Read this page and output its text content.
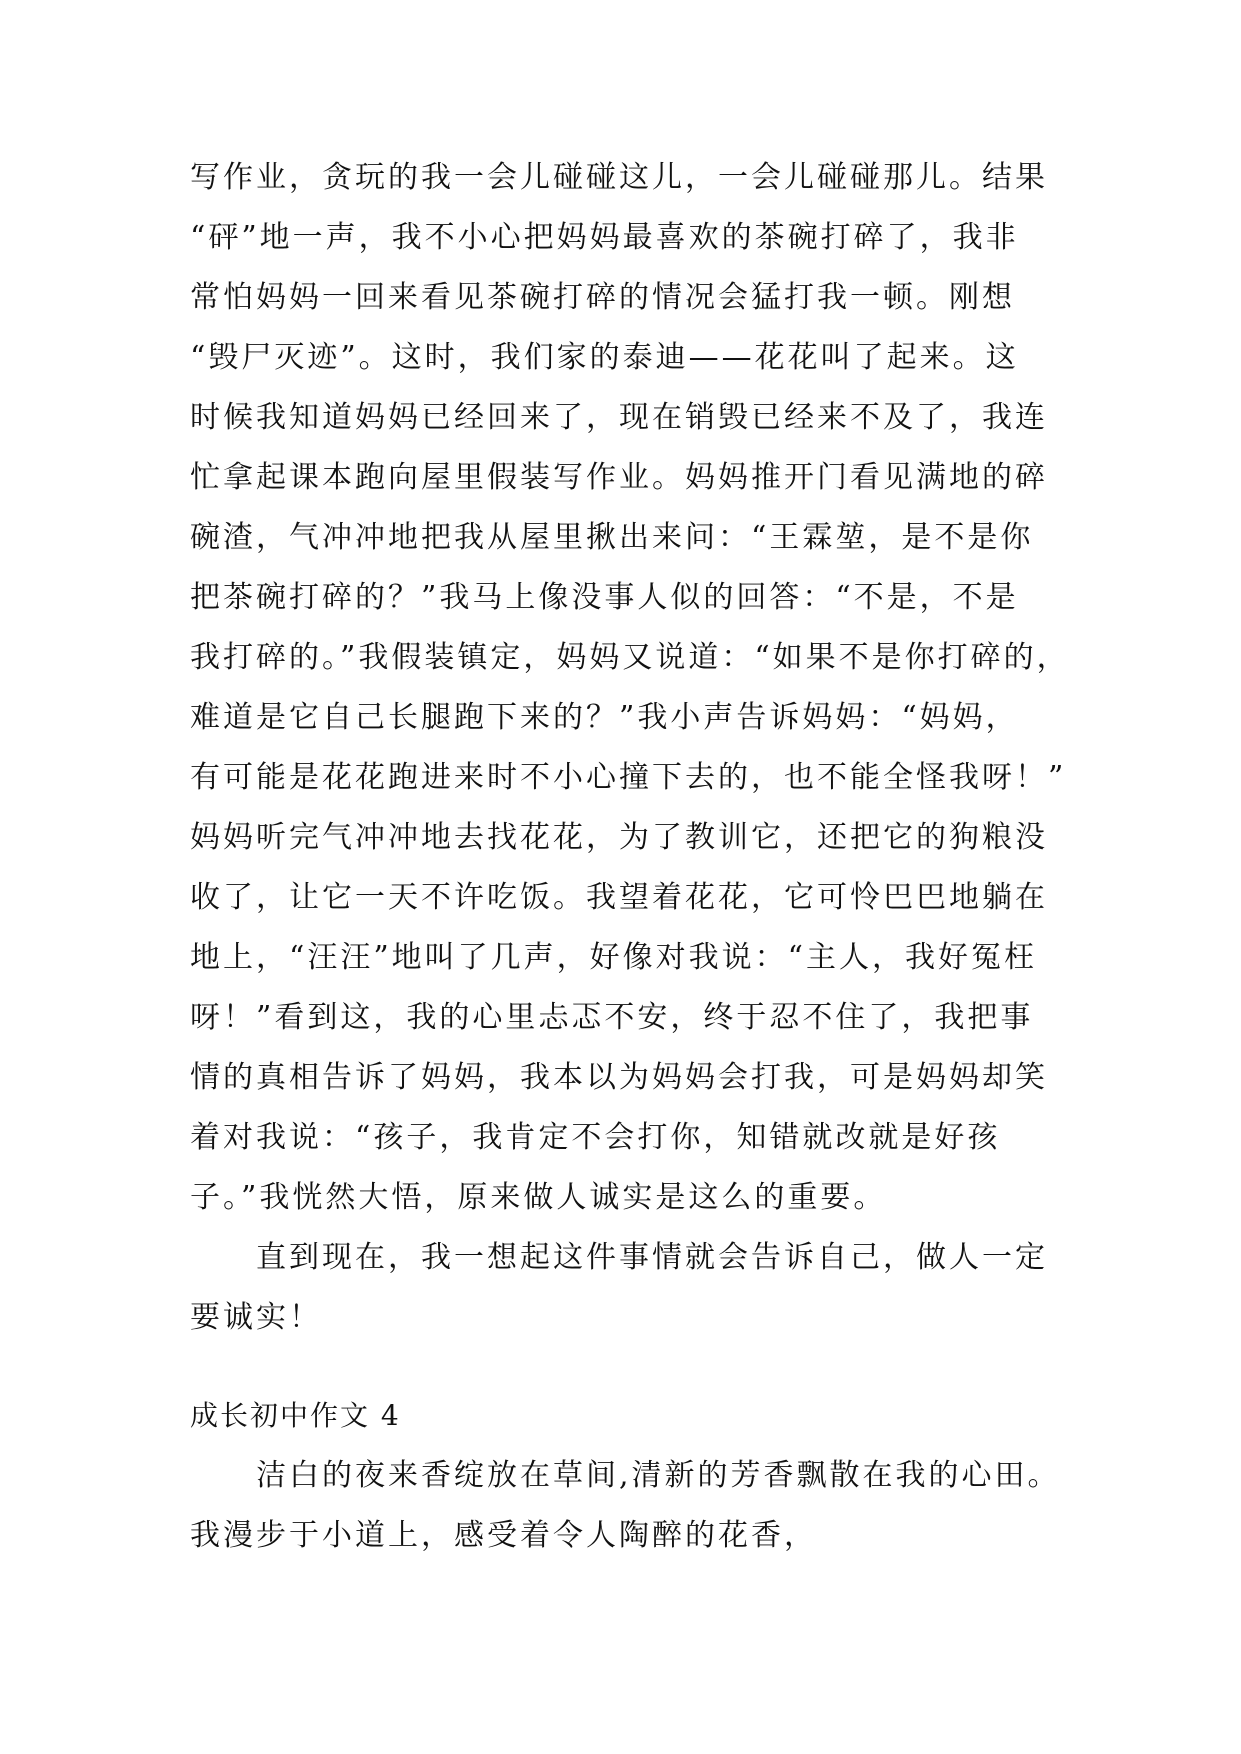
写作业，贪玩的我一会儿碰碰这儿，一会儿碰碰那儿。结果
“砰”地一声，我不小心把妈妈最喜欢的茶碗打碎了，我非
常怕妈妈一回来看见茶碗打碎的情况会猛打我一顿。刚想
“毁尸灭迹”。这时，我们家的泰迪——花花叫了起来。这
时候我知道妈妈已经回来了，现在销毁已经来不及了，我连
忙拿起课本跑向屋里假装写作业。妈妈推开门看见满地的碎
碗渣，气冲冲地把我从屋里揪出来问：“王霖堃，是不是你
把茶碗打碎的？”我马上像没事人似的回答：“不是，不是
我打碎的。”我假装镇定，妈妈又说道：“如果不是你打碎的，
难道是它自己长腿跑下来的？”我小声告诉妈妈：“妈妈，
有可能是花花跑进来时不小心撞下去的，也不能全怪我呀！”
妈妈听完气冲冲地去找花花，为了教训它，还把它的狗粮没
收了，让它一天不许吃饭。我望着花花，它可怜巴巴地躺在
地上，“汪汪”地叫了几声，好像对我说：“主人，我好冤枉
呀！”看到这，我的心里忐忑不安，终于忍不住了，我把事
情的真相告诉了妈妈，我本以为妈妈会打我，可是妈妈却笑
着对我说：“孩子，我肯定不会打你，知错就改就是好孩
子。”我恍然大悟，原来做人诚实是这么的重要。
直到现在，我一想起这件事情就会告诉自己，做人一定
要诚实！
成长初中作文 4
洁白的夜来香绽放在草间,清新的芳香飘散在我的心田。
我漫步于小道上，感受着令人陶醉的花香，
